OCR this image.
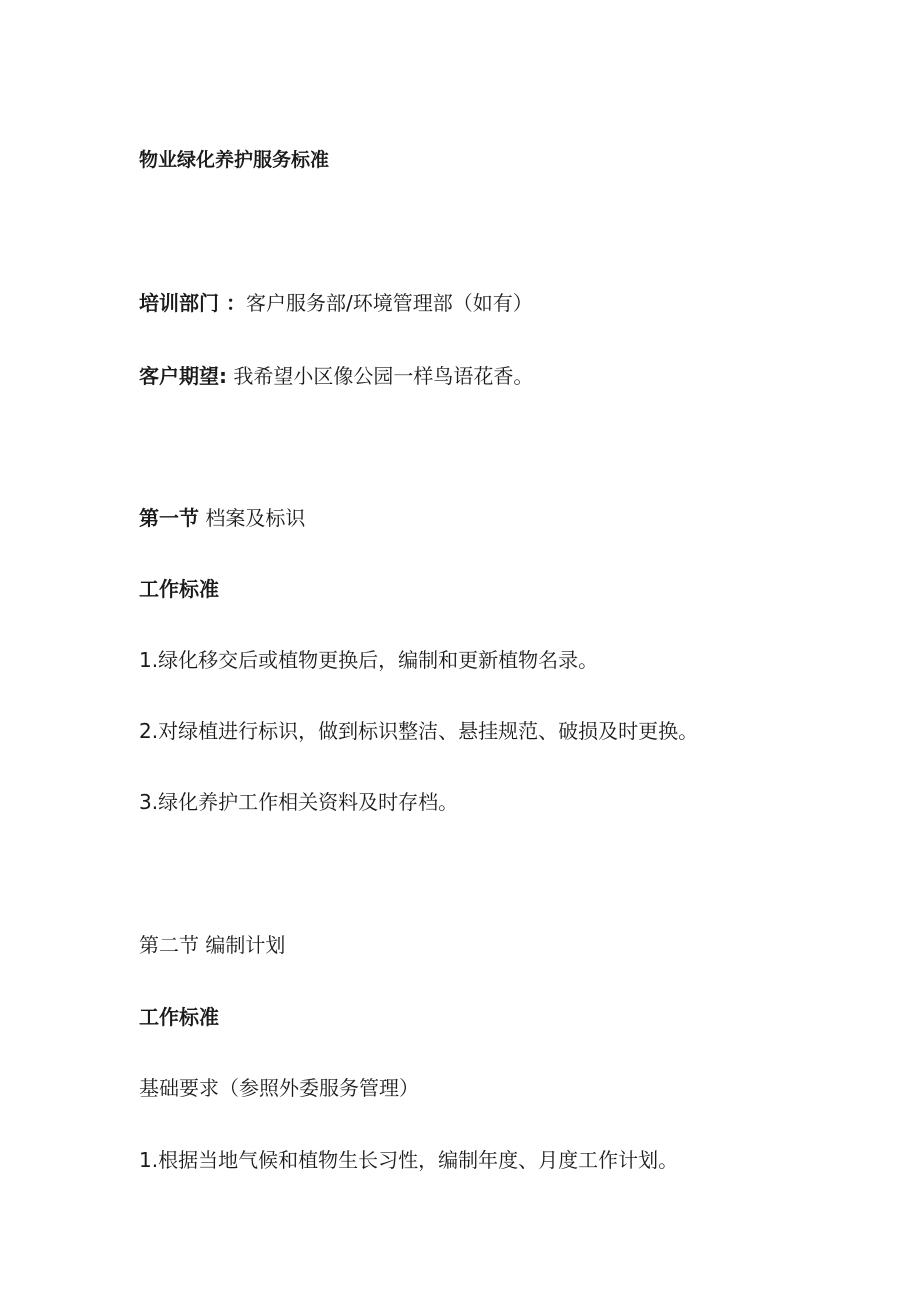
物业绿化养护服务标准
培训部门 ：客户服务部/环境管理部（如有）
客户期望: 我希望小区像公园一样鸟语花香。
第一节 档案及标识
工作标准
1.绿化移交后或植物更换后，编制和更新植物名录。
2.对绿植进行标识，做到标识整洁、悬挂规范、破损及时更换。
3.绿化养护工作相关资料及时存档。
第二节 编制计划
工作标准
基础要求（参照外委服务管理）
1.根据当地气候和植物生长习性，编制年度、月度工作计划。
